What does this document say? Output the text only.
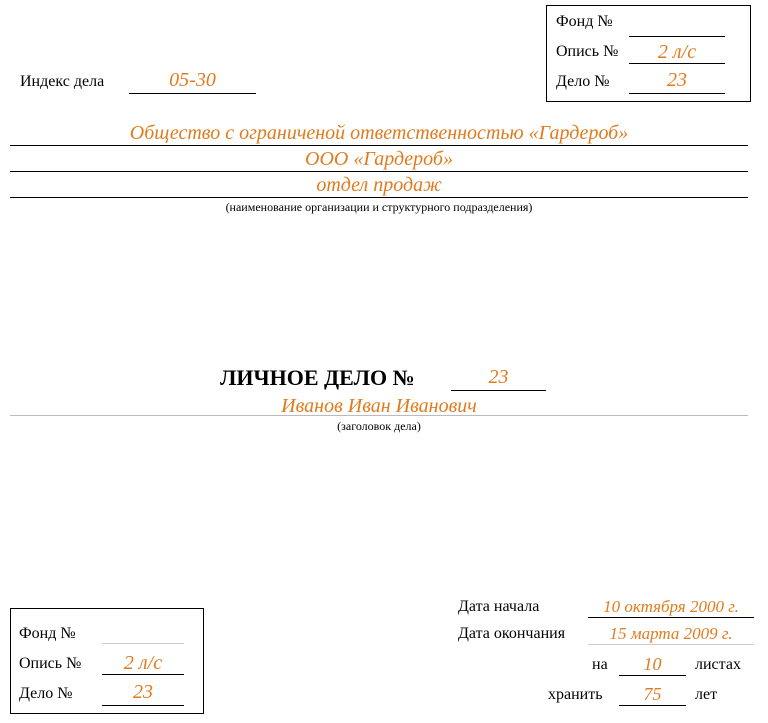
Фонд №
Опись №	2 л/с
Дело №	23
Индекс дела	05-30
Общество с ограниченой ответственностью «Гардероб»
ООО «Гардероб»
отдел продаж
(наименование организации и структурного подразделения)
ЛИЧНОЕ ДЕЛО №	23
Иванов Иван Иванович
(заголовок дела)
Фонд №
Опись №	2 л/с
Дело №	23
Дата начала	10 октября 2000 г.
Дата окончания	15 марта 2009 г.
на	10	листах
хранить	75	лет
